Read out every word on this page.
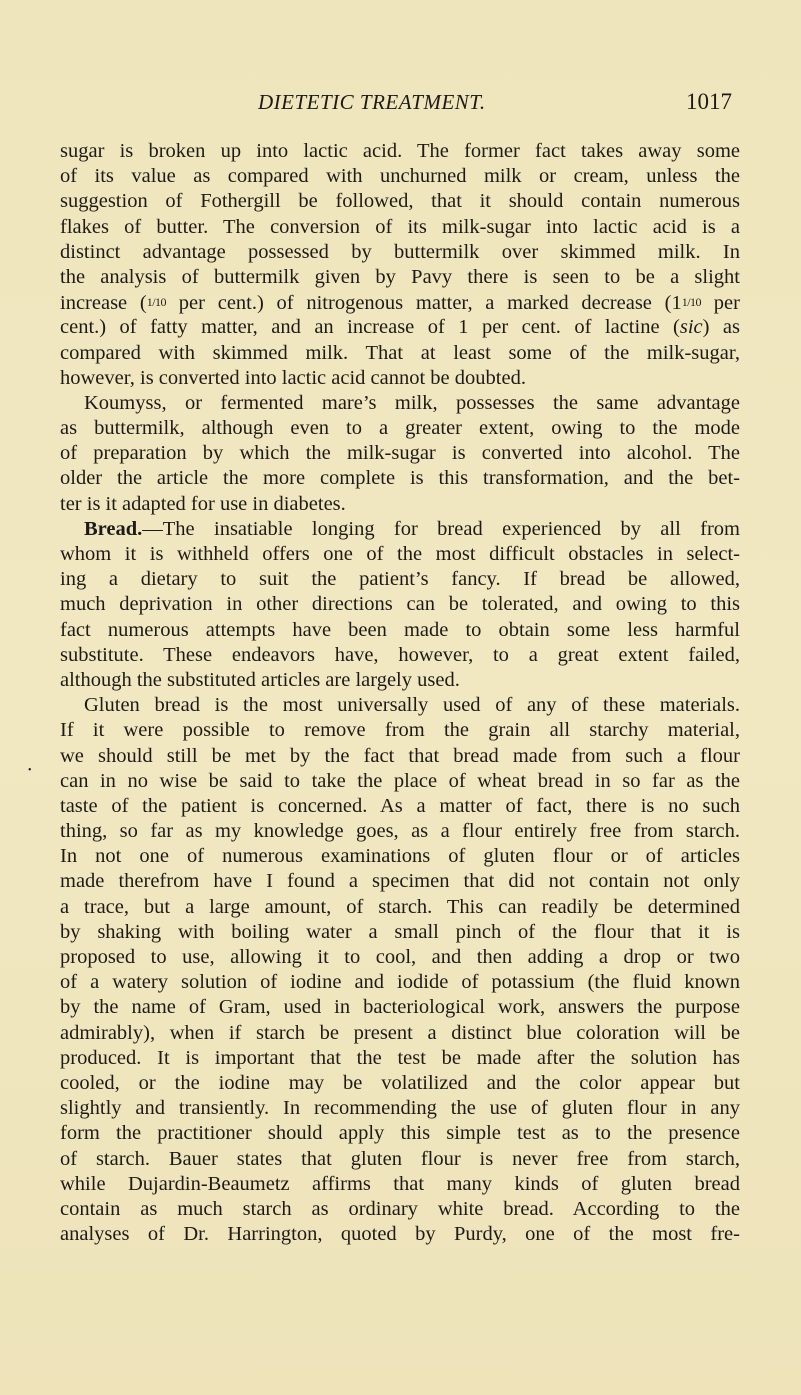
DIETETIC TREATMENT.	1017
•
sugar is broken up into lactic acid. The former fact takes away some
of its value as compared with unchurned milk or cream, unless the
suggestion of Fothergill be followed, that it should contain numerous
flakes of butter. The conversion of its milk-sugar into lactic acid is a
distinct advantage possessed by buttermilk over skimmed milk. In
the analysis of buttermilk given by Pavy there is seen to be a slight
increase (1/10 per cent.) of nitrogenous matter, a marked decrease (11/10 per
cent.) of fatty matter, and an increase of 1 per cent. of lactine (sic) as
compared with skimmed milk. That at least some of the milk-sugar,
however, is converted into lactic acid cannot be doubted.
Koumyss, or fermented mare’s milk, possesses the same advantage
as buttermilk, although even to a greater extent, owing to the mode
of preparation by which the milk-sugar is converted into alcohol. The
older the article the more complete is this transformation, and the bet-
ter is it adapted for use in diabetes.
Bread.—The insatiable longing for bread experienced by all from
whom it is withheld offers one of the most difficult obstacles in select-
ing a dietary to suit the patient’s fancy. If bread be allowed,
much deprivation in other directions can be tolerated, and owing to this
fact numerous attempts have been made to obtain some less harmful
substitute. These endeavors have, however, to a great extent failed,
although the substituted articles are largely used.
Gluten bread is the most universally used of any of these materials.
If it were possible to remove from the grain all starchy material,
we should still be met by the fact that bread made from such a flour
can in no wise be said to take the place of wheat bread in so far as the
taste of the patient is concerned. As a matter of fact, there is no such
thing, so far as my knowledge goes, as a flour entirely free from starch.
In not one of numerous examinations of gluten flour or of articles
made therefrom have I found a specimen that did not contain not only
a trace, but a large amount, of starch. This can readily be determined
by shaking with boiling water a small pinch of the flour that it is
proposed to use, allowing it to cool, and then adding a drop or two
of a watery solution of iodine and iodide of potassium (the fluid known
by the name of Gram, used in bacteriological work, answers the purpose
admirably), when if starch be present a distinct blue coloration will be
produced. It is important that the test be made after the solution has
cooled, or the iodine may be volatilized and the color appear but
slightly and transiently. In recommending the use of gluten flour in any
form the practitioner should apply this simple test as to the presence
of starch. Bauer states that gluten flour is never free from starch,
while Dujardin-Beaumetz affirms that many kinds of gluten bread
contain as much starch as ordinary white bread. According to the
analyses of Dr. Harrington, quoted by Purdy, one of the most fre-
